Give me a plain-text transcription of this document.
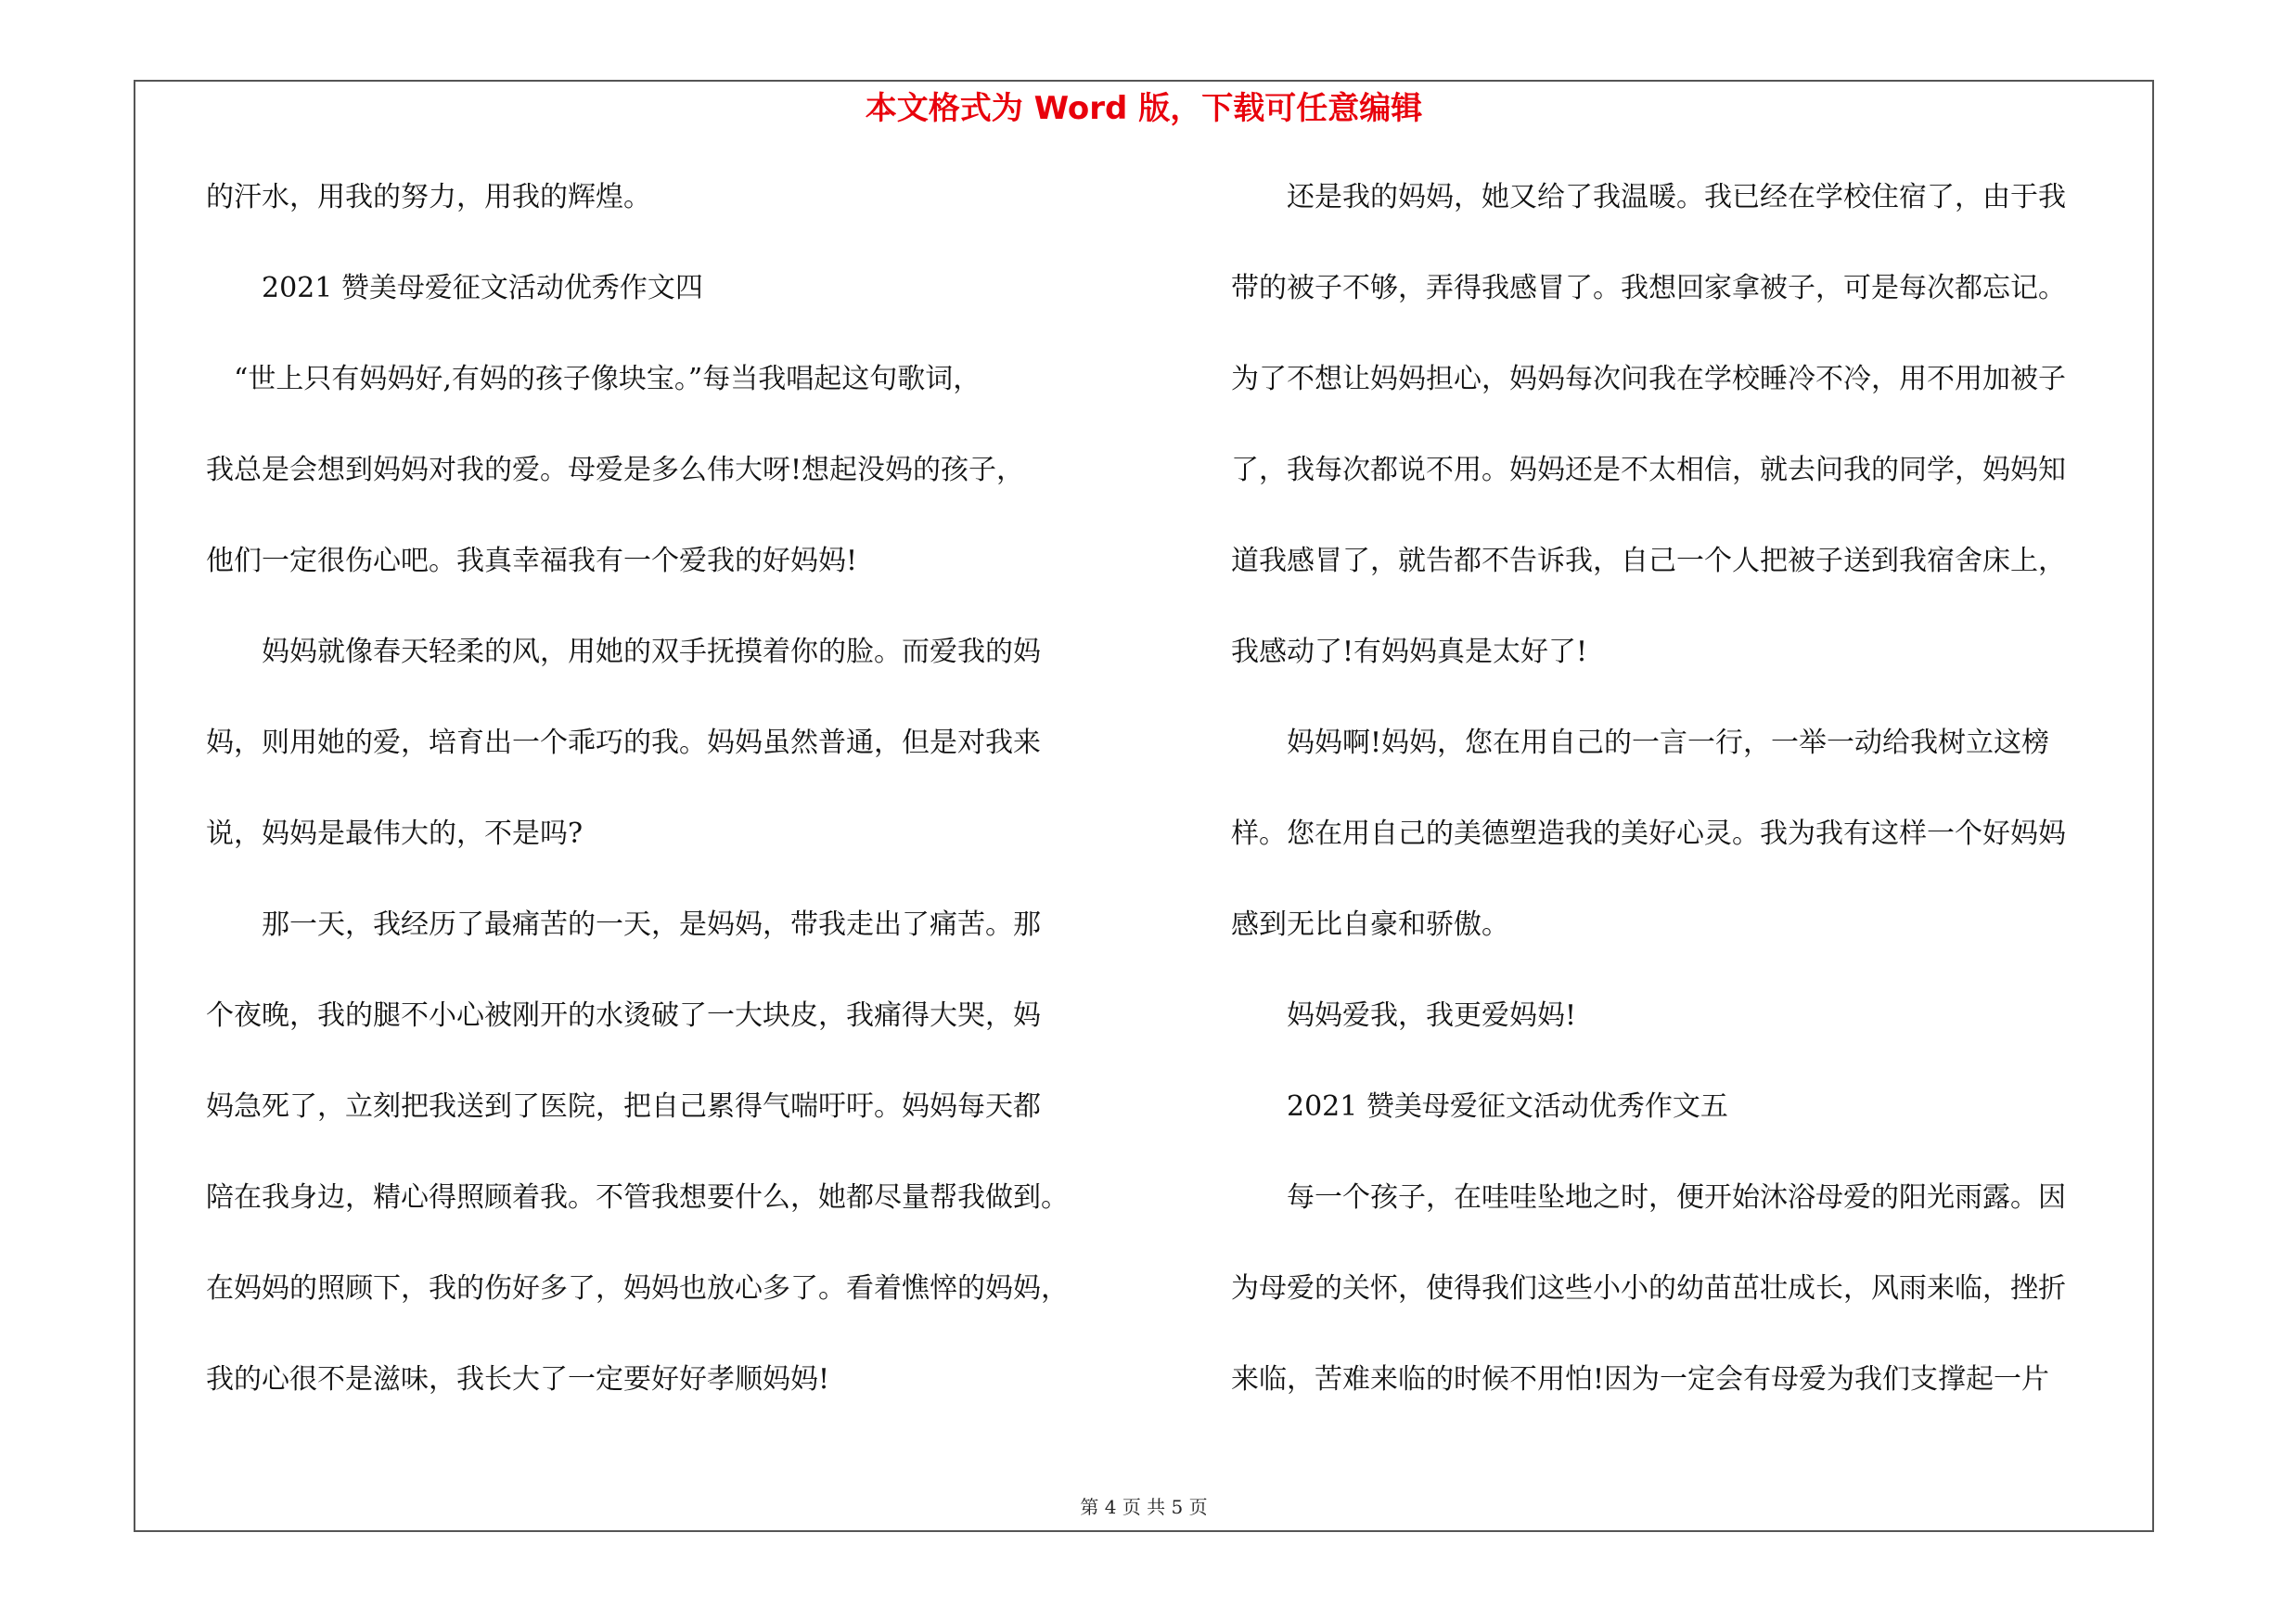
本文格式为 Word 版，下载可任意编辑
的汗水，用我的努力，用我的辉煌。
　　2021 赞美母爱征文活动优秀作文四
　“世上只有妈妈好,有妈的孩子像块宝。”每当我唱起这句歌词，
我总是会想到妈妈对我的爱。母爱是多么伟大呀!想起没妈的孩子，
他们一定很伤心吧。我真幸福我有一个爱我的好妈妈!
　　妈妈就像春天轻柔的风，用她的双手抚摸着你的脸。而爱我的妈
妈，则用她的爱，培育出一个乖巧的我。妈妈虽然普通，但是对我来
说，妈妈是最伟大的，不是吗?
　　那一天，我经历了最痛苦的一天，是妈妈，带我走出了痛苦。那
个夜晚，我的腿不小心被刚开的水烫破了一大块皮，我痛得大哭，妈
妈急死了，立刻把我送到了医院，把自己累得气喘吁吁。妈妈每天都
陪在我身边，精心得照顾着我。不管我想要什么，她都尽量帮我做到。
在妈妈的照顾下，我的伤好多了，妈妈也放心多了。看着憔悴的妈妈，
我的心很不是滋味，我长大了一定要好好孝顺妈妈!
　　还是我的妈妈，她又给了我温暖。我已经在学校住宿了，由于我
带的被子不够，弄得我感冒了。我想回家拿被子，可是每次都忘记。
为了不想让妈妈担心，妈妈每次问我在学校睡冷不冷，用不用加被子
了，我每次都说不用。妈妈还是不太相信，就去问我的同学，妈妈知
道我感冒了，就告都不告诉我，自己一个人把被子送到我宿舍床上，
我感动了!有妈妈真是太好了!
　　妈妈啊!妈妈，您在用自己的一言一行，一举一动给我树立这榜
样。您在用自己的美德塑造我的美好心灵。我为我有这样一个好妈妈
感到无比自豪和骄傲。
　　妈妈爱我，我更爱妈妈!
　　2021 赞美母爱征文活动优秀作文五
　　每一个孩子，在哇哇坠地之时，便开始沐浴母爱的阳光雨露。因
为母爱的关怀，使得我们这些小小的幼苗茁壮成长，风雨来临，挫折
来临，苦难来临的时候不用怕!因为一定会有母爱为我们支撑起一片
第 4 页 共 5 页
